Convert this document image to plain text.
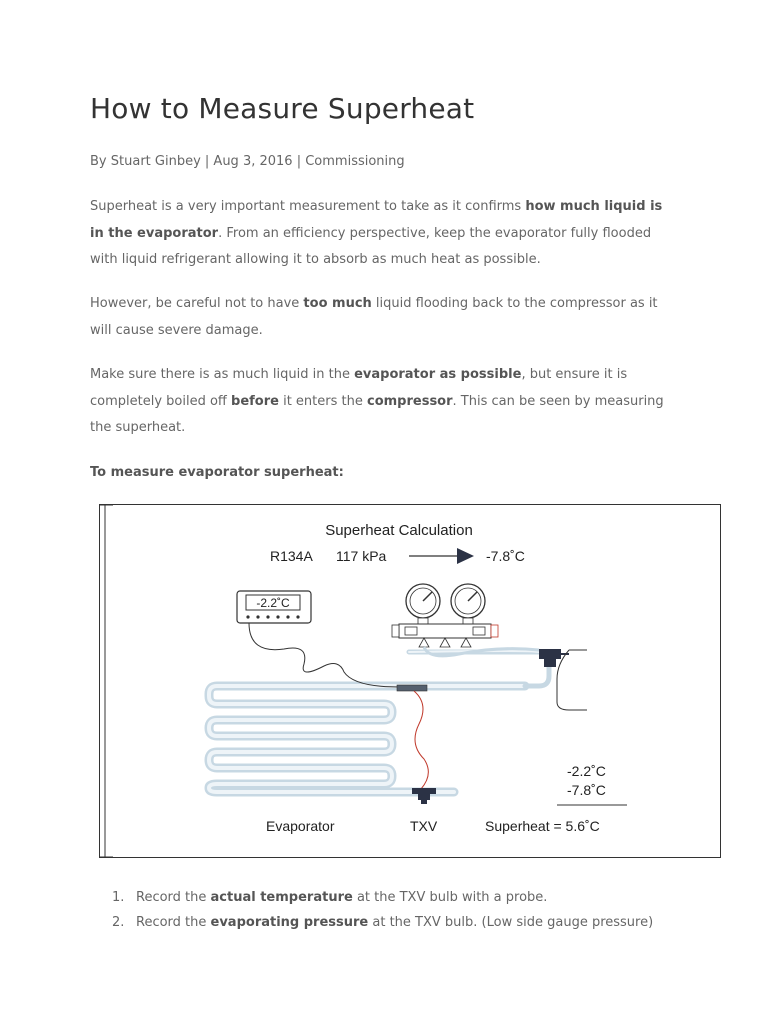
How to Measure Superheat
By Stuart Ginbey | Aug 3, 2016 | Commissioning

Superheat is a very important measurement to take as it confirms how much liquid is in the evaporator. From an efficiency perspective, keep the evaporator fully flooded with liquid refrigerant allowing it to absorb as much heat as possible.

However, be careful not to have too much liquid flooding back to the compressor as it will cause severe damage.

Make sure there is as much liquid in the evaporator as possible, but ensure it is completely boiled off before it enters the compressor. This can be seen by measuring the superheat.

To measure evaporator superheat:

Superheat Calculation
R134A 117 kPa	-7.8˚C
-2.2˚C
-2.2˚C
-7.8˚C
Evaporator	TXV	Superheat = 5.6˚C
1. Record the actual temperature at the TXV bulb with a probe.
2. Record the evaporating pressure at the TXV bulb. (Low side gauge pressure)
